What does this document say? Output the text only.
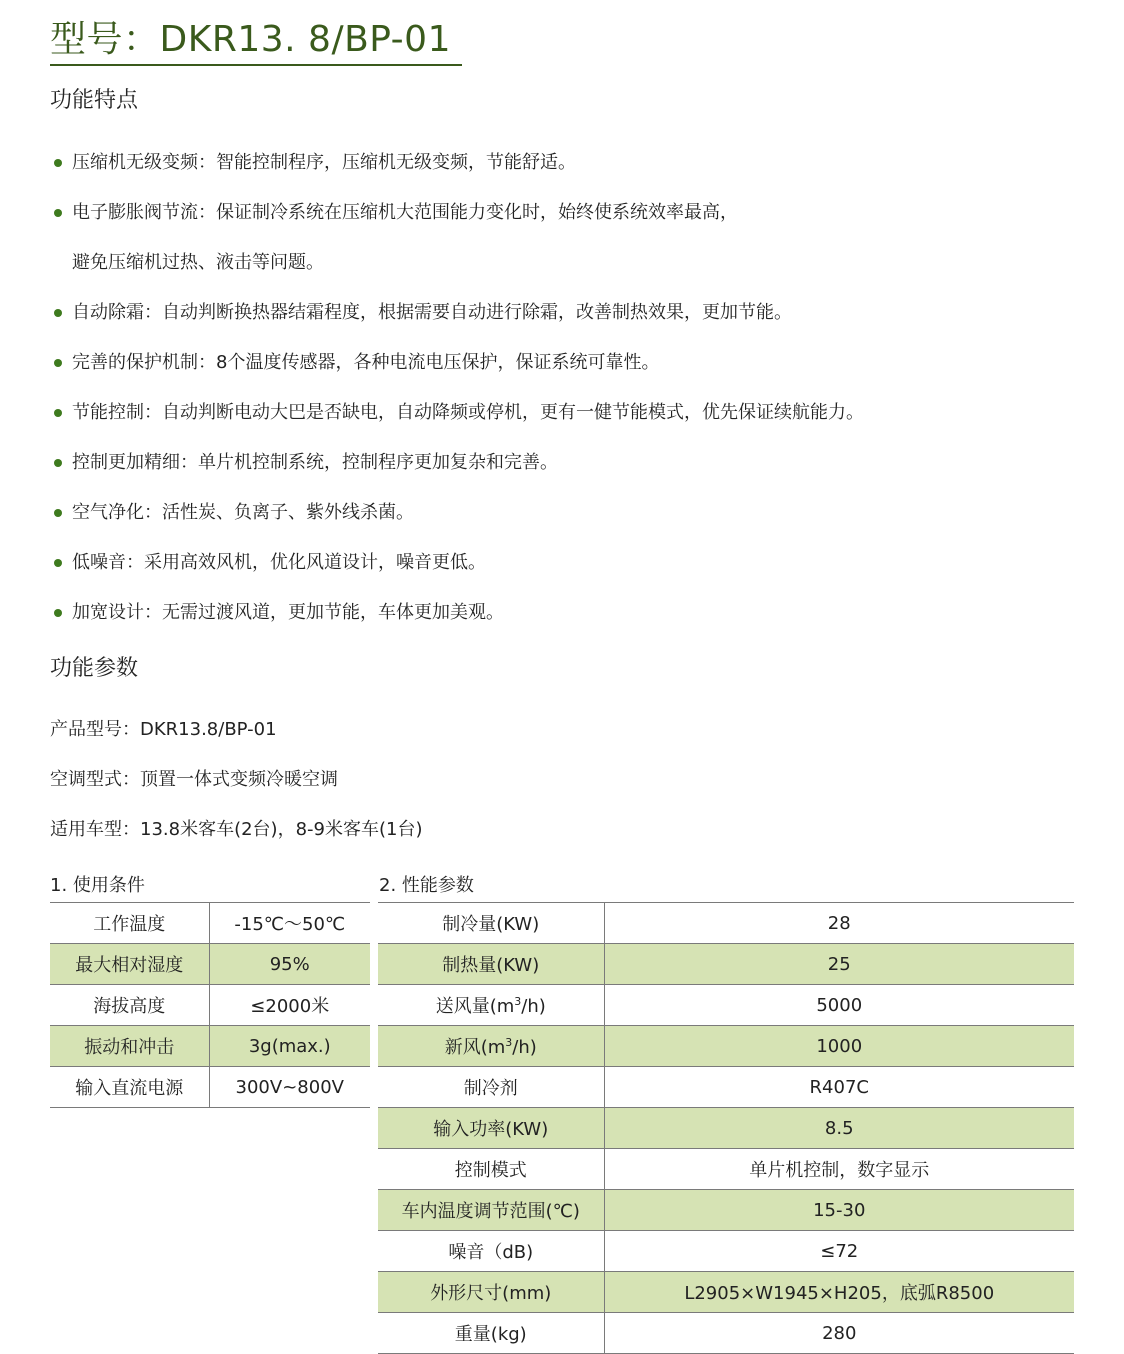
型号：DKR13. 8/BP-01
功能特点
压缩机无级变频：智能控制程序，压缩机无级变频，节能舒适。
电子膨胀阀节流：保证制冷系统在压缩机大范围能力变化时，始终使系统效率最高，
避免压缩机过热、液击等问题。
自动除霜：自动判断换热器结霜程度，根据需要自动进行除霜，改善制热效果，更加节能。
完善的保护机制：8个温度传感器，各种电流电压保护，保证系统可靠性。
节能控制：自动判断电动大巴是否缺电，自动降频或停机，更有一健节能模式，优先保证续航能力。
控制更加精细：单片机控制系统，控制程序更加复杂和完善。
空气净化：活性炭、负离子、紫外线杀菌。
低噪音：采用高效风机，优化风道设计，噪音更低。
加宽设计：无需过渡风道，更加节能，车体更加美观。
功能参数
产品型号：DKR13.8/BP-01
空调型式：顶置一体式变频冷暖空调
适用车型：13.8米客车(2台)，8-9米客车(1台)
1. 使用条件
工作温度	-15℃～50℃
最大相对湿度	95%
海拔高度	≤2000米
振动和冲击	3g(max.)
输入直流电源	300V~800V
2. 性能参数
制冷量(KW)	28
制热量(KW)	25
送风量$(m^3/h)$	5000
新风$(m^3/h)$	1000
制冷剂	R407C
输入功率(KW)	8.5
控制模式	单片机控制，数字显示
车内温度调节范围(℃)	15-30
噪音（dB)	≤72
外形尺寸(mm)	L2905×W1945×H205，底弧R8500
重量(kg)	280
